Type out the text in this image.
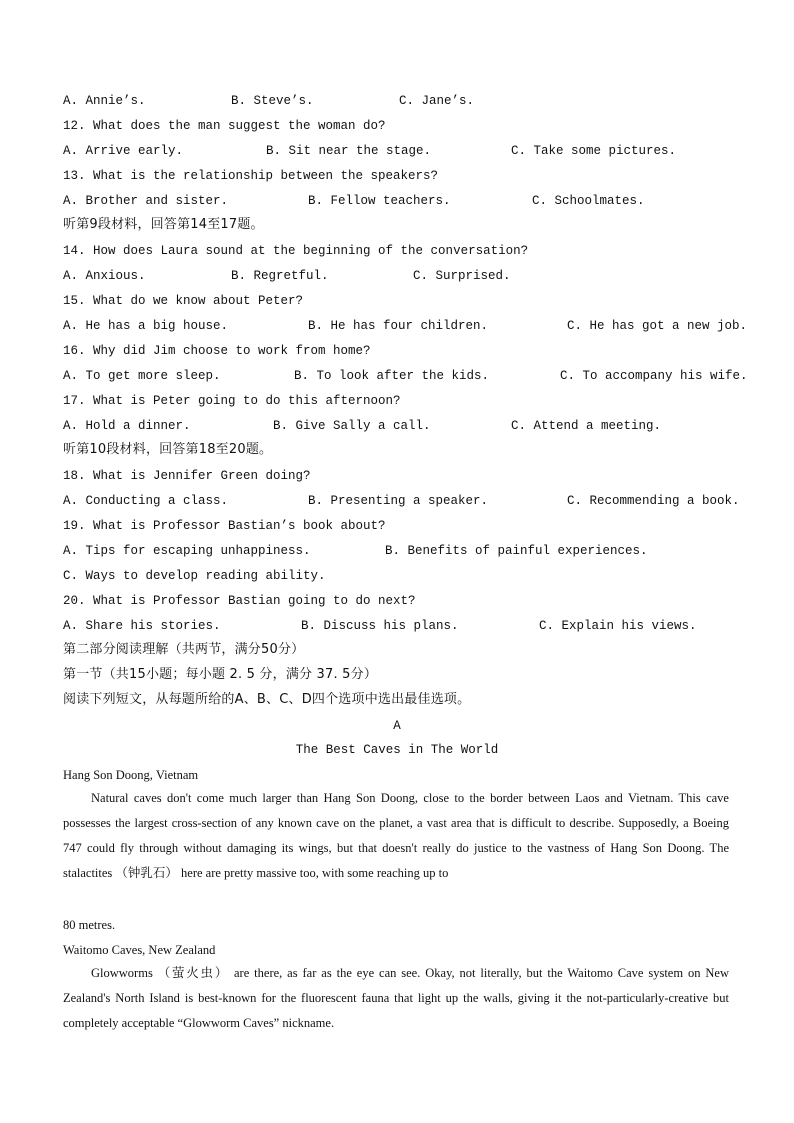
A. Annie’s.	B. Steve’s.	C. Jane’s.
12. What does the man suggest the woman do?
A. Arrive early.	B. Sit near the stage.	C. Take some pictures.
13. What is the relationship between the speakers?
A. Brother and sister.	B. Fellow teachers.	C. Schoolmates.
听第9段材料，回答第14至17题。
14. How does Laura sound at the beginning of the conversation?
A. Anxious.	B. Regretful.	C. Surprised.
15. What do we know about Peter?
A. He has a big house.	B. He has four children.	C. He has got a new job.
16. Why did Jim choose to work from home?
A. To get more sleep.	B. To look after the kids.	C. To accompany his wife.
17. What is Peter going to do this afternoon?
A. Hold a dinner.	B. Give Sally a call.	C. Attend a meeting.
听第10段材料，回答第18至20题。
18. What is Jennifer Green doing?
A. Conducting a class.	B. Presenting a speaker.	C. Recommending a book.
19. What is Professor Bastian’s book about?
A. Tips for escaping unhappiness.	B. Benefits of painful experiences.
C. Ways to develop reading ability.
20. What is Professor Bastian going to do next?
A. Share his stories.	B. Discuss his plans.	C. Explain his views.
第二部分阅读理解（共两节，满分50分）
第一节（共15小题；每小题 2. 5 分，满分 37. 5分）
阅读下列短文，从每题所给的A、B、C、D四个选项中选出最佳选项。
A
The Best Caves in The World
Hang Son Doong, Vietnam
Natural caves don't come much larger than Hang Son Doong, close to the border between Laos and Vietnam. This cave possesses the largest cross-section of any known cave on the planet, a vast area that is difficult to describe. Supposedly, a Boeing 747 could fly through without damaging its wings, but that doesn't really do justice to the vastness of Hang Son Doong. The stalactites （钟乳石） here are pretty massive too, with some reaching up to
80 metres.
Waitomo Caves, New Zealand
Glowworms （萤火虫） are there, as far as the eye can see. Okay, not literally, but the Waitomo Cave system on New Zealand's North Island is best-known for the fluorescent fauna that light up the walls, giving it the not-particularly-creative but completely acceptable “Glowworm Caves” nickname.
